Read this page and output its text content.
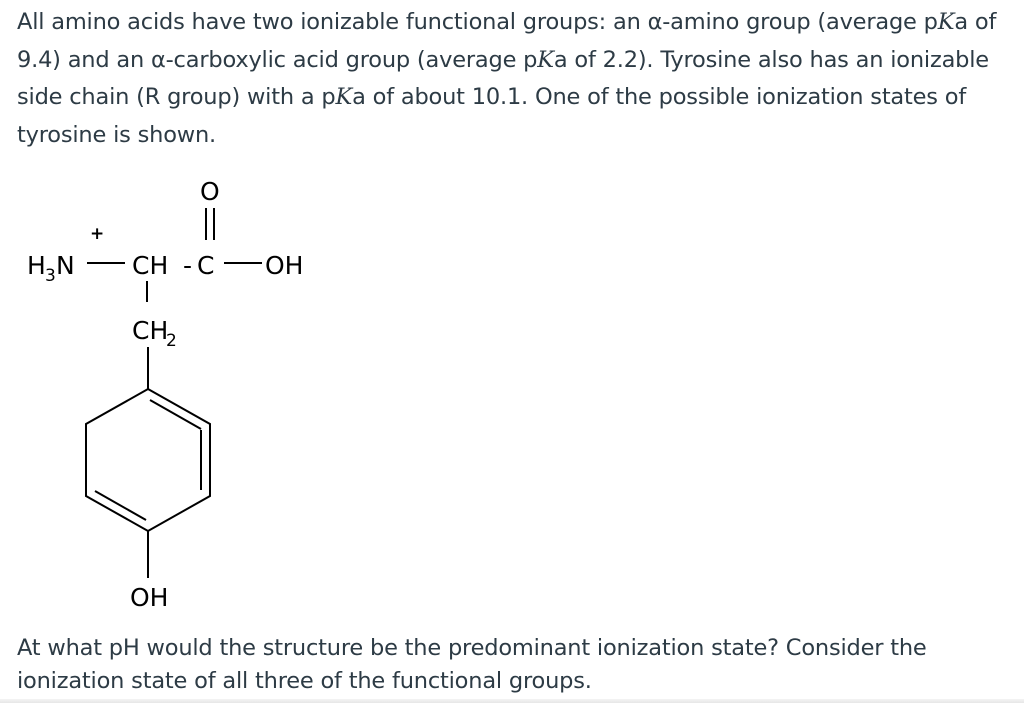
All amino acids have two ionizable functional groups: an α-amino group (average pKa of 9.4) and an α-carboxylic acid group (average pKa of 2.2). Tyrosine also has an ionizable side chain (R group) with a pKa of about 10.1. One of the possible ionization states of tyrosine is shown.
+
H 3 N CH - C
O
OH
CH
2
OH
At what pH would the structure be the predominant ionization state? Consider the ionization state of all three of the functional groups.
